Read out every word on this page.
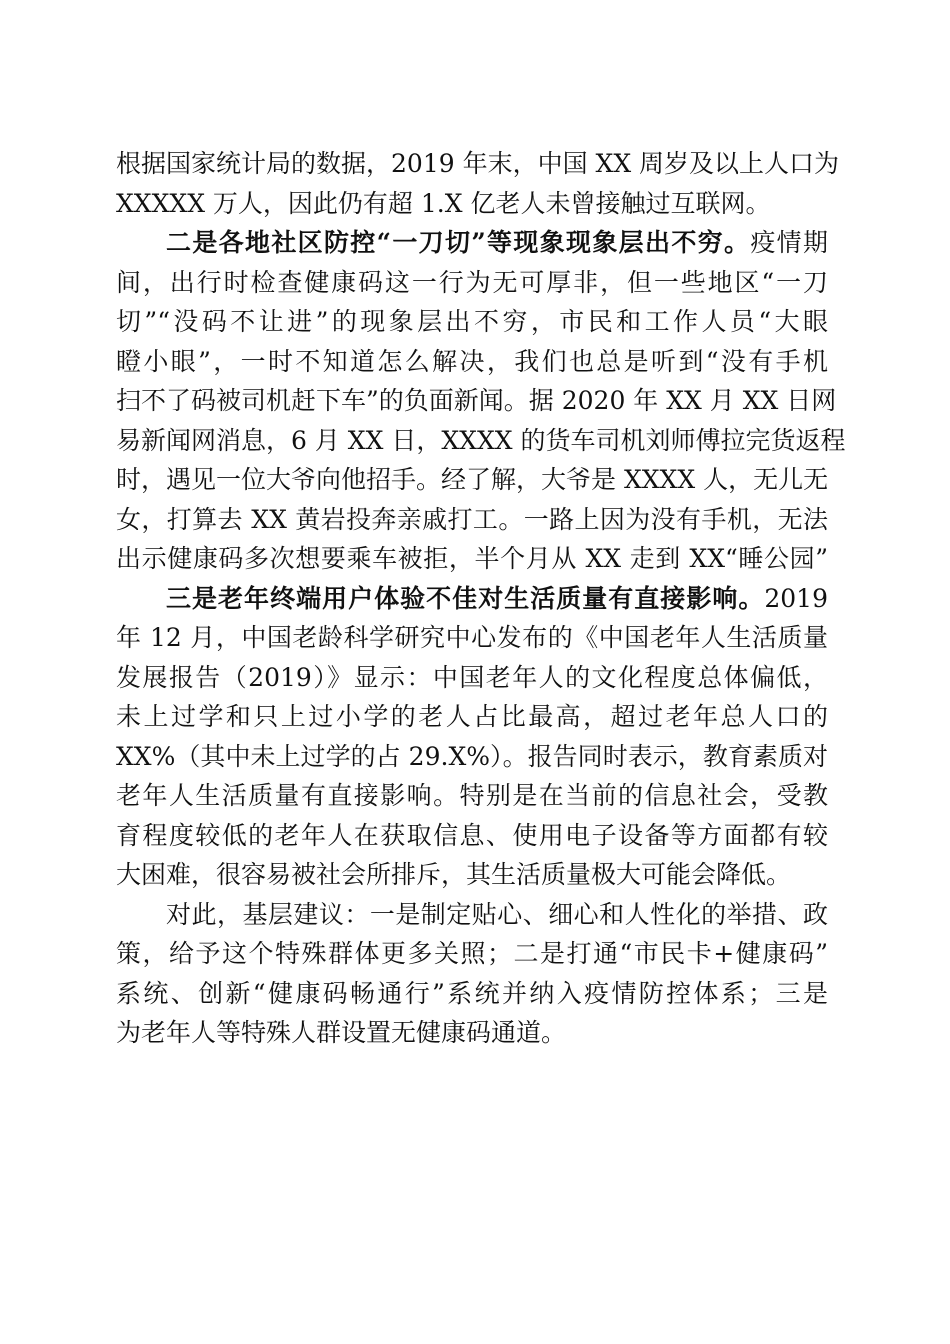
根据国家统计局的数据，2019 年末，中国 XX 周岁及以上人口为
XXXXX 万人，因此仍有超 1.X 亿老人未曾接触过互联网。
二是各地社区防控“一刀切”等现象现象层出不穷。疫情期
间，出行时检查健康码这一行为无可厚非，但一些地区“一刀
切”“没码不让进”的现象层出不穷，市民和工作人员“大眼
瞪小眼”，一时不知道怎么解决，我们也总是听到“没有手机
扫不了码被司机赶下车”的负面新闻。据 2020 年 XX 月 XX 日网
易新闻网消息，6 月 XX 日，XXXX 的货车司机刘师傅拉完货返程
时，遇见一位大爷向他招手。经了解，大爷是 XXXX 人，无儿无
女，打算去 XX 黄岩投奔亲戚打工。一路上因为没有手机，无法
出示健康码多次想要乘车被拒，半个月从 XX 走到 XX“睡公园”
三是老年终端用户体验不佳对生活质量有直接影响。2019
年 12 月，中国老龄科学研究中心发布的《中国老年人生活质量
发展报告（2019）》显示：中国老年人的文化程度总体偏低，
未上过学和只上过小学的老人占比最高，超过老年总人口的
XX%（其中未上过学的占 29.X%）。报告同时表示，教育素质对
老年人生活质量有直接影响。特别是在当前的信息社会，受教
育程度较低的老年人在获取信息、使用电子设备等方面都有较
大困难，很容易被社会所排斥，其生活质量极大可能会降低。
对此，基层建议：一是制定贴心、细心和人性化的举措、政
策，给予这个特殊群体更多关照；二是打通“市民卡+健康码”
系统、创新“健康码畅通行”系统并纳入疫情防控体系；三是
为老年人等特殊人群设置无健康码通道。
